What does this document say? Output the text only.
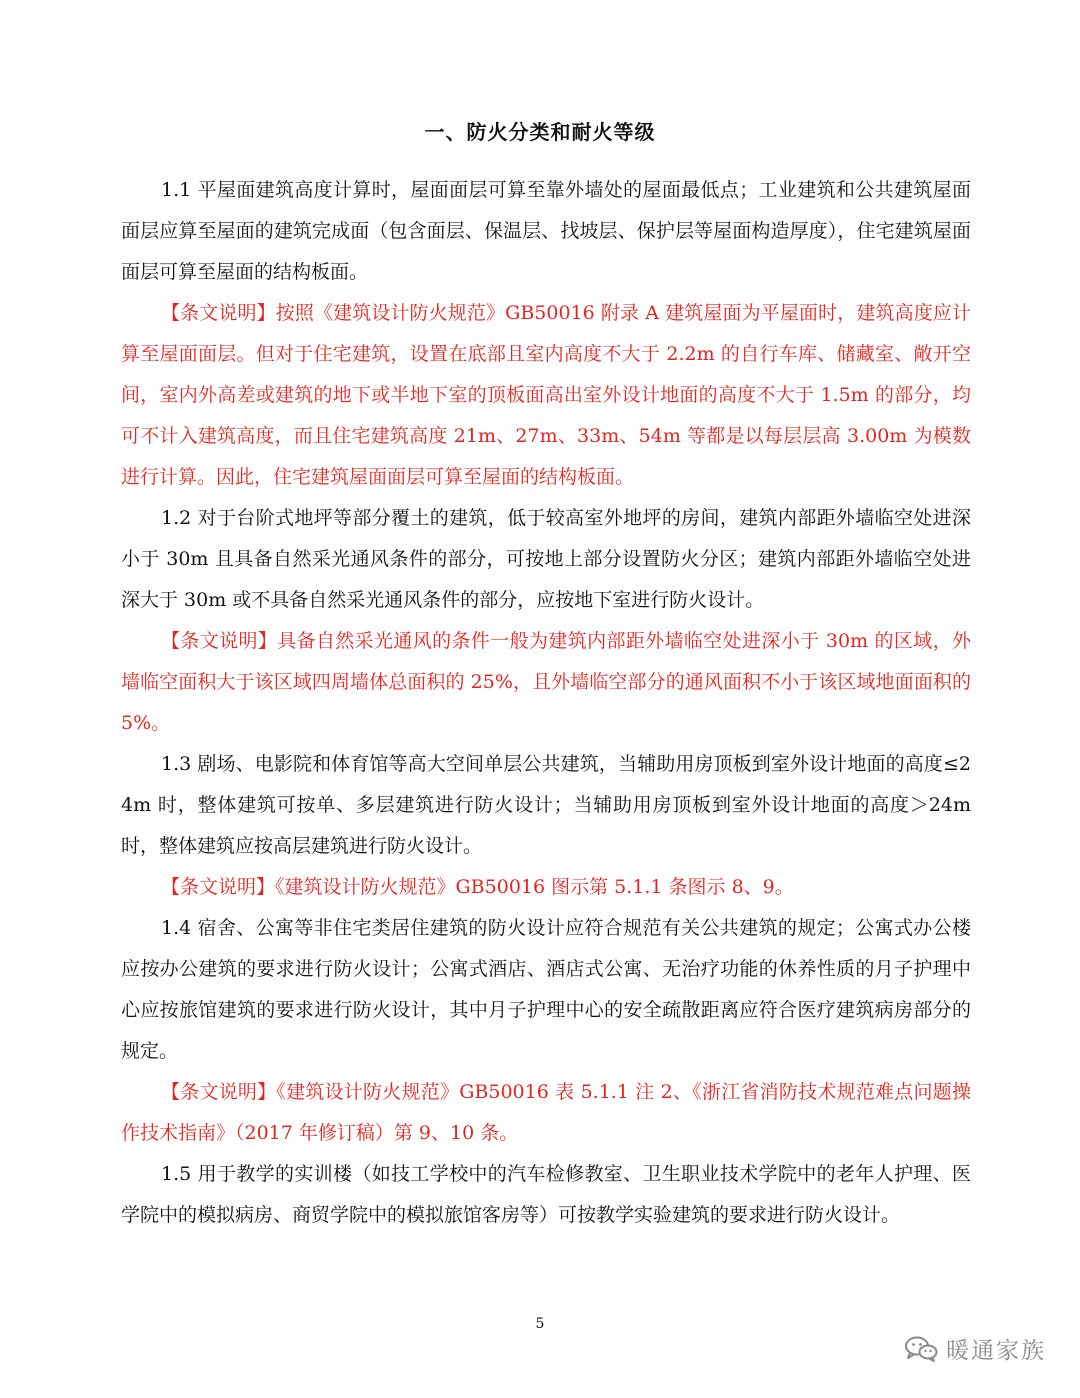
一、防火分类和耐火等级

1.1 平屋面建筑高度计算时，屋面面层可算至靠外墙处的屋面最低点；工业建筑和公共建筑屋面面层应算至屋面的建筑完成面（包含面层、保温层、找坡层、保护层等屋面构造厚度），住宅建筑屋面面层可算至屋面的结构板面。

【条文说明】按照《建筑设计防火规范》GB50016 附录 A 建筑屋面为平屋面时，建筑高度应计算至屋面面层。但对于住宅建筑，设置在底部且室内高度不大于 2.2m 的自行车库、储藏室、敞开空间，室内外高差或建筑的地下或半地下室的顶板面高出室外设计地面的高度不大于 1.5m 的部分，均可不计入建筑高度，而且住宅建筑高度 21m、27m、33m、54m 等都是以每层层高 3.00m 为模数进行计算。因此，住宅建筑屋面面层可算至屋面的结构板面。

1.2 对于台阶式地坪等部分覆土的建筑，低于较高室外地坪的房间，建筑内部距外墙临空处进深小于 30m 且具备自然采光通风条件的部分，可按地上部分设置防火分区；建筑内部距外墙临空处进深大于 30m 或不具备自然采光通风条件的部分，应按地下室进行防火设计。

【条文说明】具备自然采光通风的条件一般为建筑内部距外墙临空处进深小于 30m 的区域，外墙临空面积大于该区域四周墙体总面积的 25%，且外墙临空部分的通风面积不小于该区域地面面积的 5%。

1.3 剧场、电影院和体育馆等高大空间单层公共建筑，当辅助用房顶板到室外设计地面的高度≤24m 时，整体建筑可按单、多层建筑进行防火设计；当辅助用房顶板到室外设计地面的高度＞24m 时，整体建筑应按高层建筑进行防火设计。

【条文说明】《建筑设计防火规范》GB50016 图示第 5.1.1 条图示 8、9。

1.4 宿舍、公寓等非住宅类居住建筑的防火设计应符合规范有关公共建筑的规定；公寓式办公楼应按办公建筑的要求进行防火设计；公寓式酒店、酒店式公寓、无治疗功能的休养性质的月子护理中心应按旅馆建筑的要求进行防火设计，其中月子护理中心的安全疏散距离应符合医疗建筑病房部分的规定。

【条文说明】《建筑设计防火规范》GB50016 表 5.1.1 注 2、《浙江省消防技术规范难点问题操作技术指南》（2017 年修订稿）第 9、10 条。

1.5 用于教学的实训楼（如技工学校中的汽车检修教室、卫生职业技术学院中的老年人护理、医学院中的模拟病房、商贸学院中的模拟旅馆客房等）可按教学实验建筑的要求进行防火设计。

5
暖通家族
